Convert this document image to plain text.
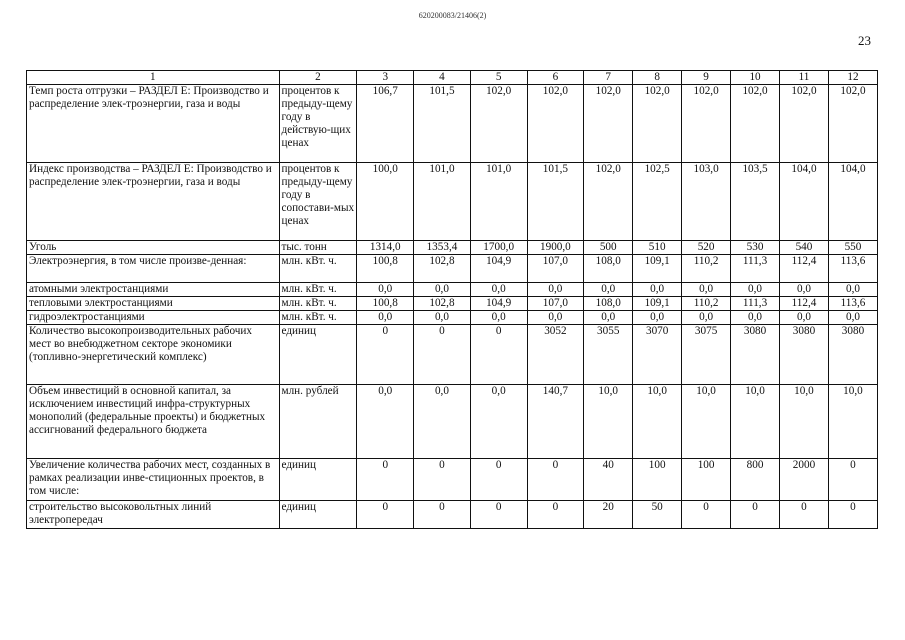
620200083/21406(2)
23
1	2	3	4	5	6	7	8	9	10	11	12
Темп роста отгрузки – РАЗДЕЛ Е: Производство и распределение элек-троэнергии, газа и воды	процентов к предыду-щему году в действую-щих ценах	106,7	101,5	102,0	102,0	102,0	102,0	102,0	102,0	102,0	102,0
Индекс производства – РАЗДЕЛ Е: Производство и распределение элек-троэнергии, газа и воды	процентов к предыду-щему году в сопостави-мых ценах	100,0	101,0	101,0	101,5	102,0	102,5	103,0	103,5	104,0	104,0
Уголь	тыс. тонн	1314,0	1353,4	1700,0	1900,0	500	510	520	530	540	550
Электроэнергия, в том числе произве-денная:	млн. кВт. ч.	100,8	102,8	104,9	107,0	108,0	109,1	110,2	111,3	112,4	113,6
атомными электростанциями	млн. кВт. ч.	0,0	0,0	0,0	0,0	0,0	0,0	0,0	0,0	0,0	0,0
тепловыми электростанциями	млн. кВт. ч.	100,8	102,8	104,9	107,0	108,0	109,1	110,2	111,3	112,4	113,6
гидроэлектростанциями	млн. кВт. ч.	0,0	0,0	0,0	0,0	0,0	0,0	0,0	0,0	0,0	0,0
Количество высокопроизводительных рабочих мест во внебюджетном секторе экономики (топливно-энергетический комплекс)	единиц	0	0	0	3052	3055	3070	3075	3080	3080	3080
Объем инвестиций в основной капитал, за исключением инвестиций инфра-структурных монополий (федеральные проекты) и бюджетных ассигнований федерального бюджета	млн. рублей	0,0	0,0	0,0	140,7	10,0	10,0	10,0	10,0	10,0	10,0
Увеличение количества рабочих мест, созданных в рамках реализации инве-стиционных проектов, в том числе:	единиц	0	0	0	0	40	100	100	800	2000	0
строительство высоковольтных линий электропередач	единиц	0	0	0	0	20	50	0	0	0	0
